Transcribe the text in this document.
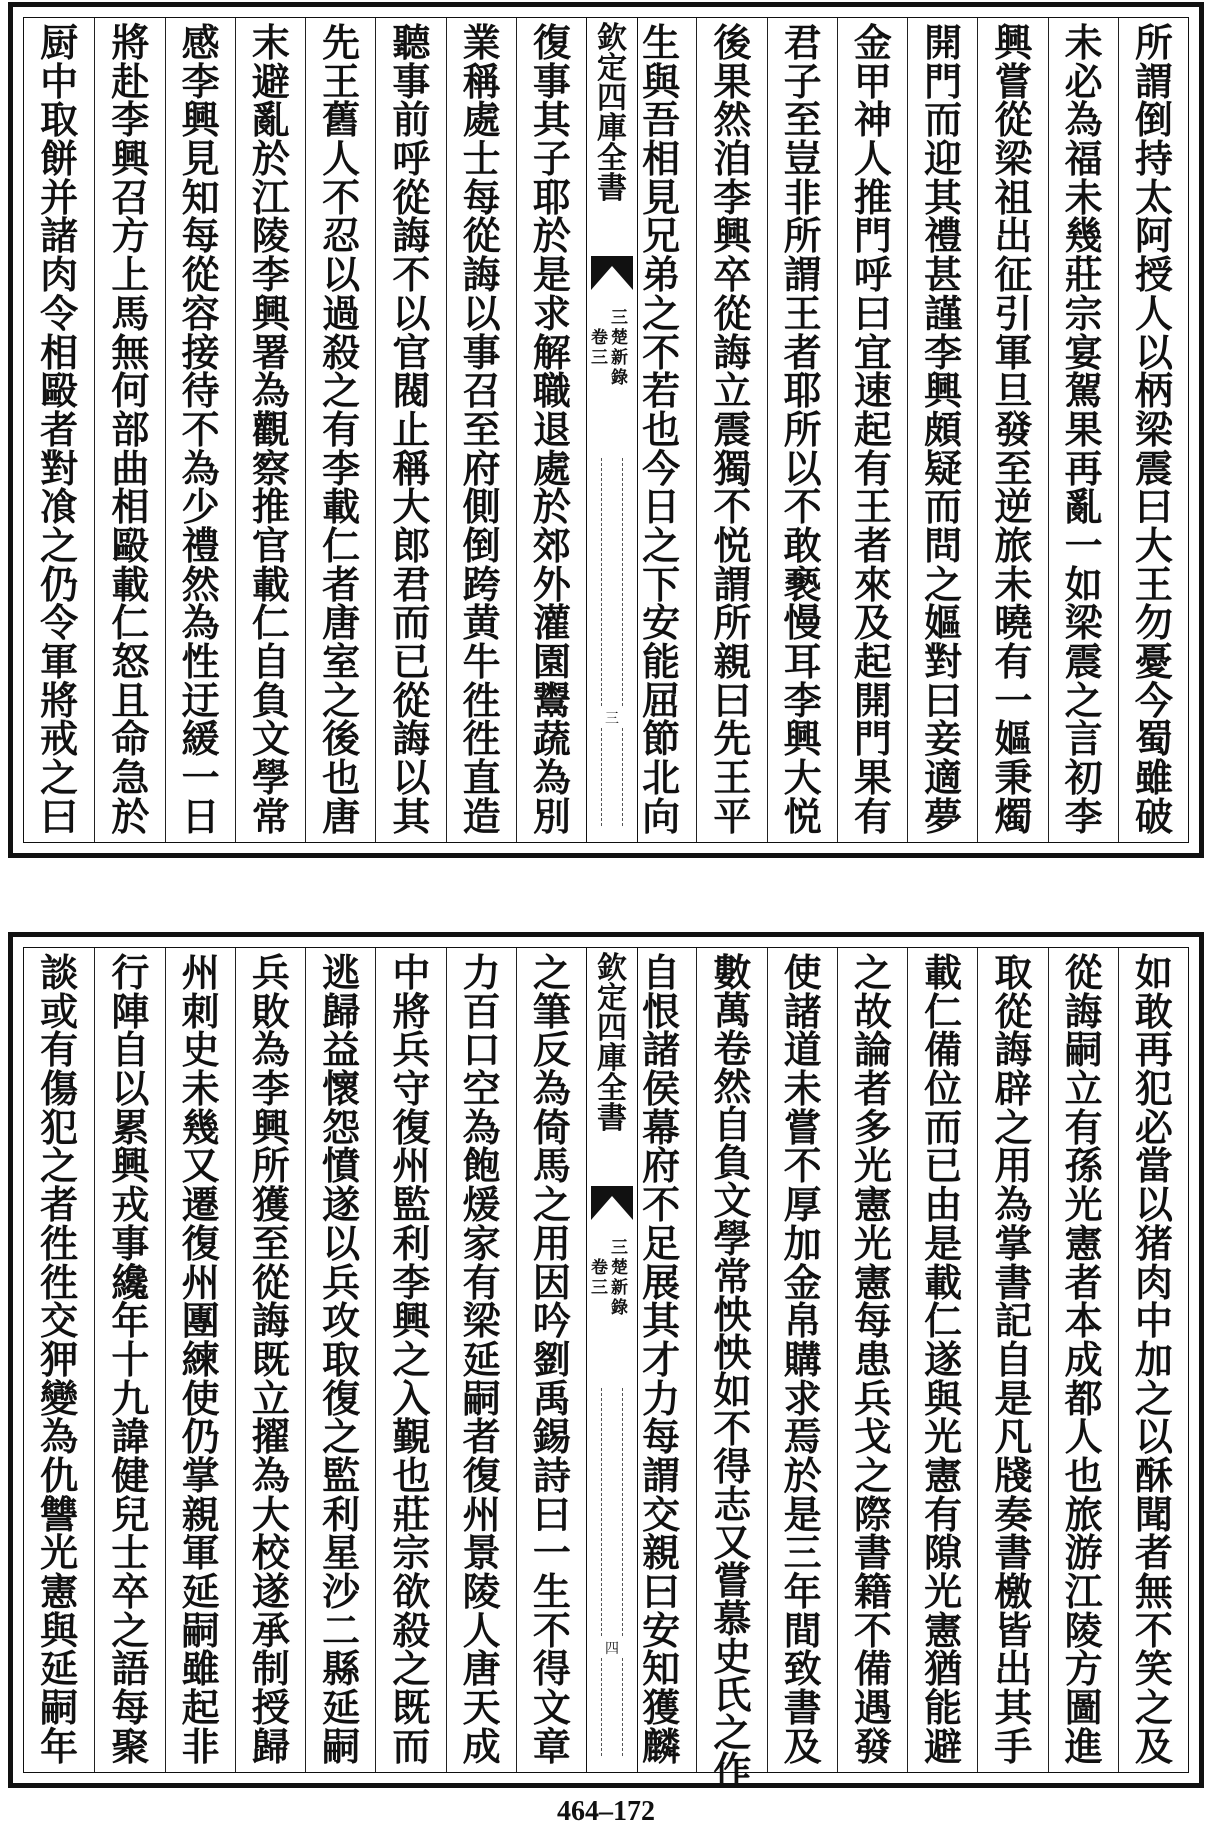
復
事
其
子
耶
於
是
求
解
職
退
處
於
郊
外
灌
園
鬻
蔬
為
別
業
稱
處
士
每
從
誨
以
事
召
至
府
側
倒
跨
黄
牛
徃
徃
直
造
聽
事
前
呼
從
誨
不
以
官
閥
止
稱
大
郎
君
而
已
從
誨
以
其
先
王
舊
人
不
忍
以
過
殺
之
有
李
載
仁
者
唐
室
之
後
也
唐
末
避
亂
於
江
陵
李
興
署
為
觀
察
推
官
載
仁
自
負
文
學
常
感
李
興
見
知
每
從
容
接
待
不
為
少
禮
然
為
性
迂
緩
一
日
將
赴
李
興
召
方
上
馬
無
何
部
曲
相
毆
載
仁
怒
且
命
急
於
厨
中
取
餅
并
諸
肉
令
相
毆
者
對
飡
之
仍
令
軍
將
戒
之
曰
欽
定
四
庫
全
書
三
楚
新
錄
卷
三
三
所
謂
倒
持
太
阿
授
人
以
柄
梁
震
曰
大
王
勿
憂
今
蜀
雖
破
未
必
為
福
未
幾
莊
宗
宴
駕
果
再
亂
一
如
梁
震
之
言
初
李
興
嘗
從
梁
祖
出
征
引
軍
旦
發
至
逆
旅
未
曉
有
一
嫗
秉
燭
開
門
而
迎
其
禮
甚
謹
李
興
頗
疑
而
問
之
嫗
對
曰
妾
適
夢
金
甲
神
人
推
門
呼
曰
宜
速
起
有
王
者
來
及
起
開
門
果
有
君
子
至
豈
非
所
謂
王
者
耶
所
以
不
敢
褻
慢
耳
李
興
大
悦
後
果
然
洎
李
興
卒
從
誨
立
震
獨
不
悦
謂
所
親
曰
先
王
平
生
與
吾
相
見
兄
弟
之
不
若
也
今
日
之
下
安
能
屈
節
北
向
之
筆
反
為
倚
馬
之
用
因
吟
劉
禹
錫
詩
曰
一
生
不
得
文
章
力
百
口
空
為
飽
煖
家
有
梁
延
嗣
者
復
州
景
陵
人
唐
天
成
中
將
兵
守
復
州
監
利
李
興
之
入
覲
也
莊
宗
欲
殺
之
既
而
逃
歸
益
懷
怨
憤
遂
以
兵
攻
取
復
之
監
利
星
沙
二
縣
延
嗣
兵
敗
為
李
興
所
獲
至
從
誨
既
立
擢
為
大
校
遂
承
制
授
歸
州
刺
史
未
幾
又
遷
復
州
團
練
使
仍
掌
親
軍
延
嗣
雖
起
非
行
陣
自
以
累
興
戎
事
纔
年
十
九
諱
健
兒
士
卒
之
語
每
聚
談
或
有
傷
犯
之
者
徃
徃
交
狎
變
為
仇
讐
光
憲
與
延
嗣
年
欽
定
四
庫
全
書
三
楚
新
錄
卷
三
四
如
敢
再
犯
必
當
以
猪
肉
中
加
之
以
酥
聞
者
無
不
笑
之
及
從
誨
嗣
立
有
孫
光
憲
者
本
成
都
人
也
旅
游
江
陵
方
圖
進
取
從
誨
辟
之
用
為
掌
書
記
自
是
凡
牋
奏
書
檄
皆
出
其
手
載
仁
備
位
而
已
由
是
載
仁
遂
與
光
憲
有
隙
光
憲
猶
能
避
之
故
論
者
多
光
憲
光
憲
每
患
兵
戈
之
際
書
籍
不
備
遇
發
使
諸
道
未
嘗
不
厚
加
金
帛
購
求
焉
於
是
三
年
間
致
書
及
數
萬
卷
然
自
負
文
學
常
怏
怏
如
不
得
志
又
嘗
慕
史
氏
之
作
自
恨
諸
侯
幕
府
不
足
展
其
才
力
每
謂
交
親
曰
安
知
獲
麟
464–172
